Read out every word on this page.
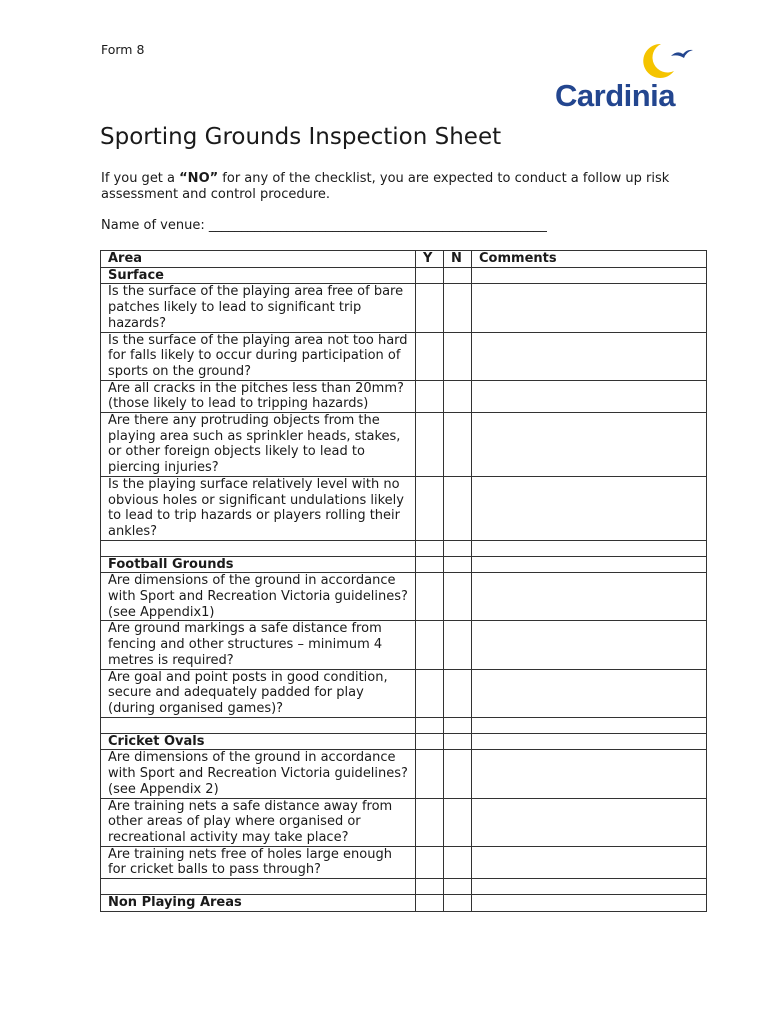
Form 8
Cardinia
Sporting Grounds Inspection Sheet
If you get a “NO” for any of the checklist, you are expected to conduct a follow up risk assessment and control procedure.
Name of venue: ____________________________________________________
Area	Y	N	Comments
Surface			
Is the surface of the playing area free of bare patches likely to lead to significant trip hazards?			
Is the surface of the playing area not too hard for falls likely to occur during participation of sports on the ground?			
Are all cracks in the pitches less than 20mm? (those likely to lead to tripping hazards)			
Are there any protruding objects from the playing area such as sprinkler heads, stakes, or other foreign objects likely to lead to piercing injuries?			
Is the playing surface relatively level with no obvious holes or significant undulations likely to lead to trip hazards or players rolling their ankles?			

Football Grounds			
Are dimensions of the ground in accordance with Sport and Recreation Victoria guidelines? (see Appendix1)			
Are ground markings a safe distance from fencing and other structures – minimum 4 metres is required?			
Are goal and point posts in good condition, secure and adequately padded for play (during organised games)?			

Cricket Ovals			
Are dimensions of the ground in accordance with Sport and Recreation Victoria guidelines? (see Appendix 2)			
Are training nets a safe distance away from other areas of play where organised or recreational activity may take place?			
Are training nets free of holes large enough for cricket balls to pass through?			

Non Playing Areas			
